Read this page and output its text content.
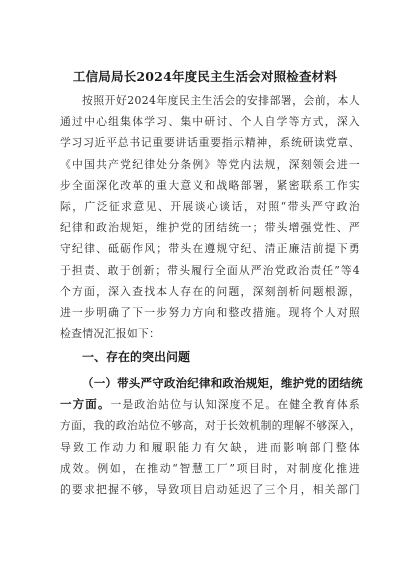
工信局局长2024年度民主生活会对照检查材料
按照开好2024年度民主生活会的安排部署，会前，本人
通过中心组集体学习、集中研讨、个人自学等方式，深入
学习习近平总书记重要讲话重要指示精神，系统研读党章、
《中国共产党纪律处分条例》等党内法规，深刻领会进一
步全面深化改革的重大意义和战略部署，紧密联系工作实
际，广泛征求意见、开展谈心谈话，对照“带头严守政治
纪律和政治规矩，维护党的团结统一；带头增强党性、严
守纪律、砥砺作风；带头在遵规守纪、清正廉洁前提下勇
于担责、敢于创新；带头履行全面从严治党政治责任”等4
个方面，深入查找本人存在的问题，深刻剖析问题根源，
进一步明确了下一步努力方向和整改措施。现将个人对照
检查情况汇报如下：
一、存在的突出问题
（一）带头严守政治纪律和政治规矩，维护党的团结统
一方面。一是政治站位与认知深度不足。在健全教育体系
方面，我的政治站位不够高，对于长效机制的理解不够深入，
导致工作动力和履职能力有欠缺，进而影响部门整体
成效。例如，在推动“智慧工厂”项目时，对制度化推进
的要求把握不够，导致项目启动延迟了三个月，相关部门
